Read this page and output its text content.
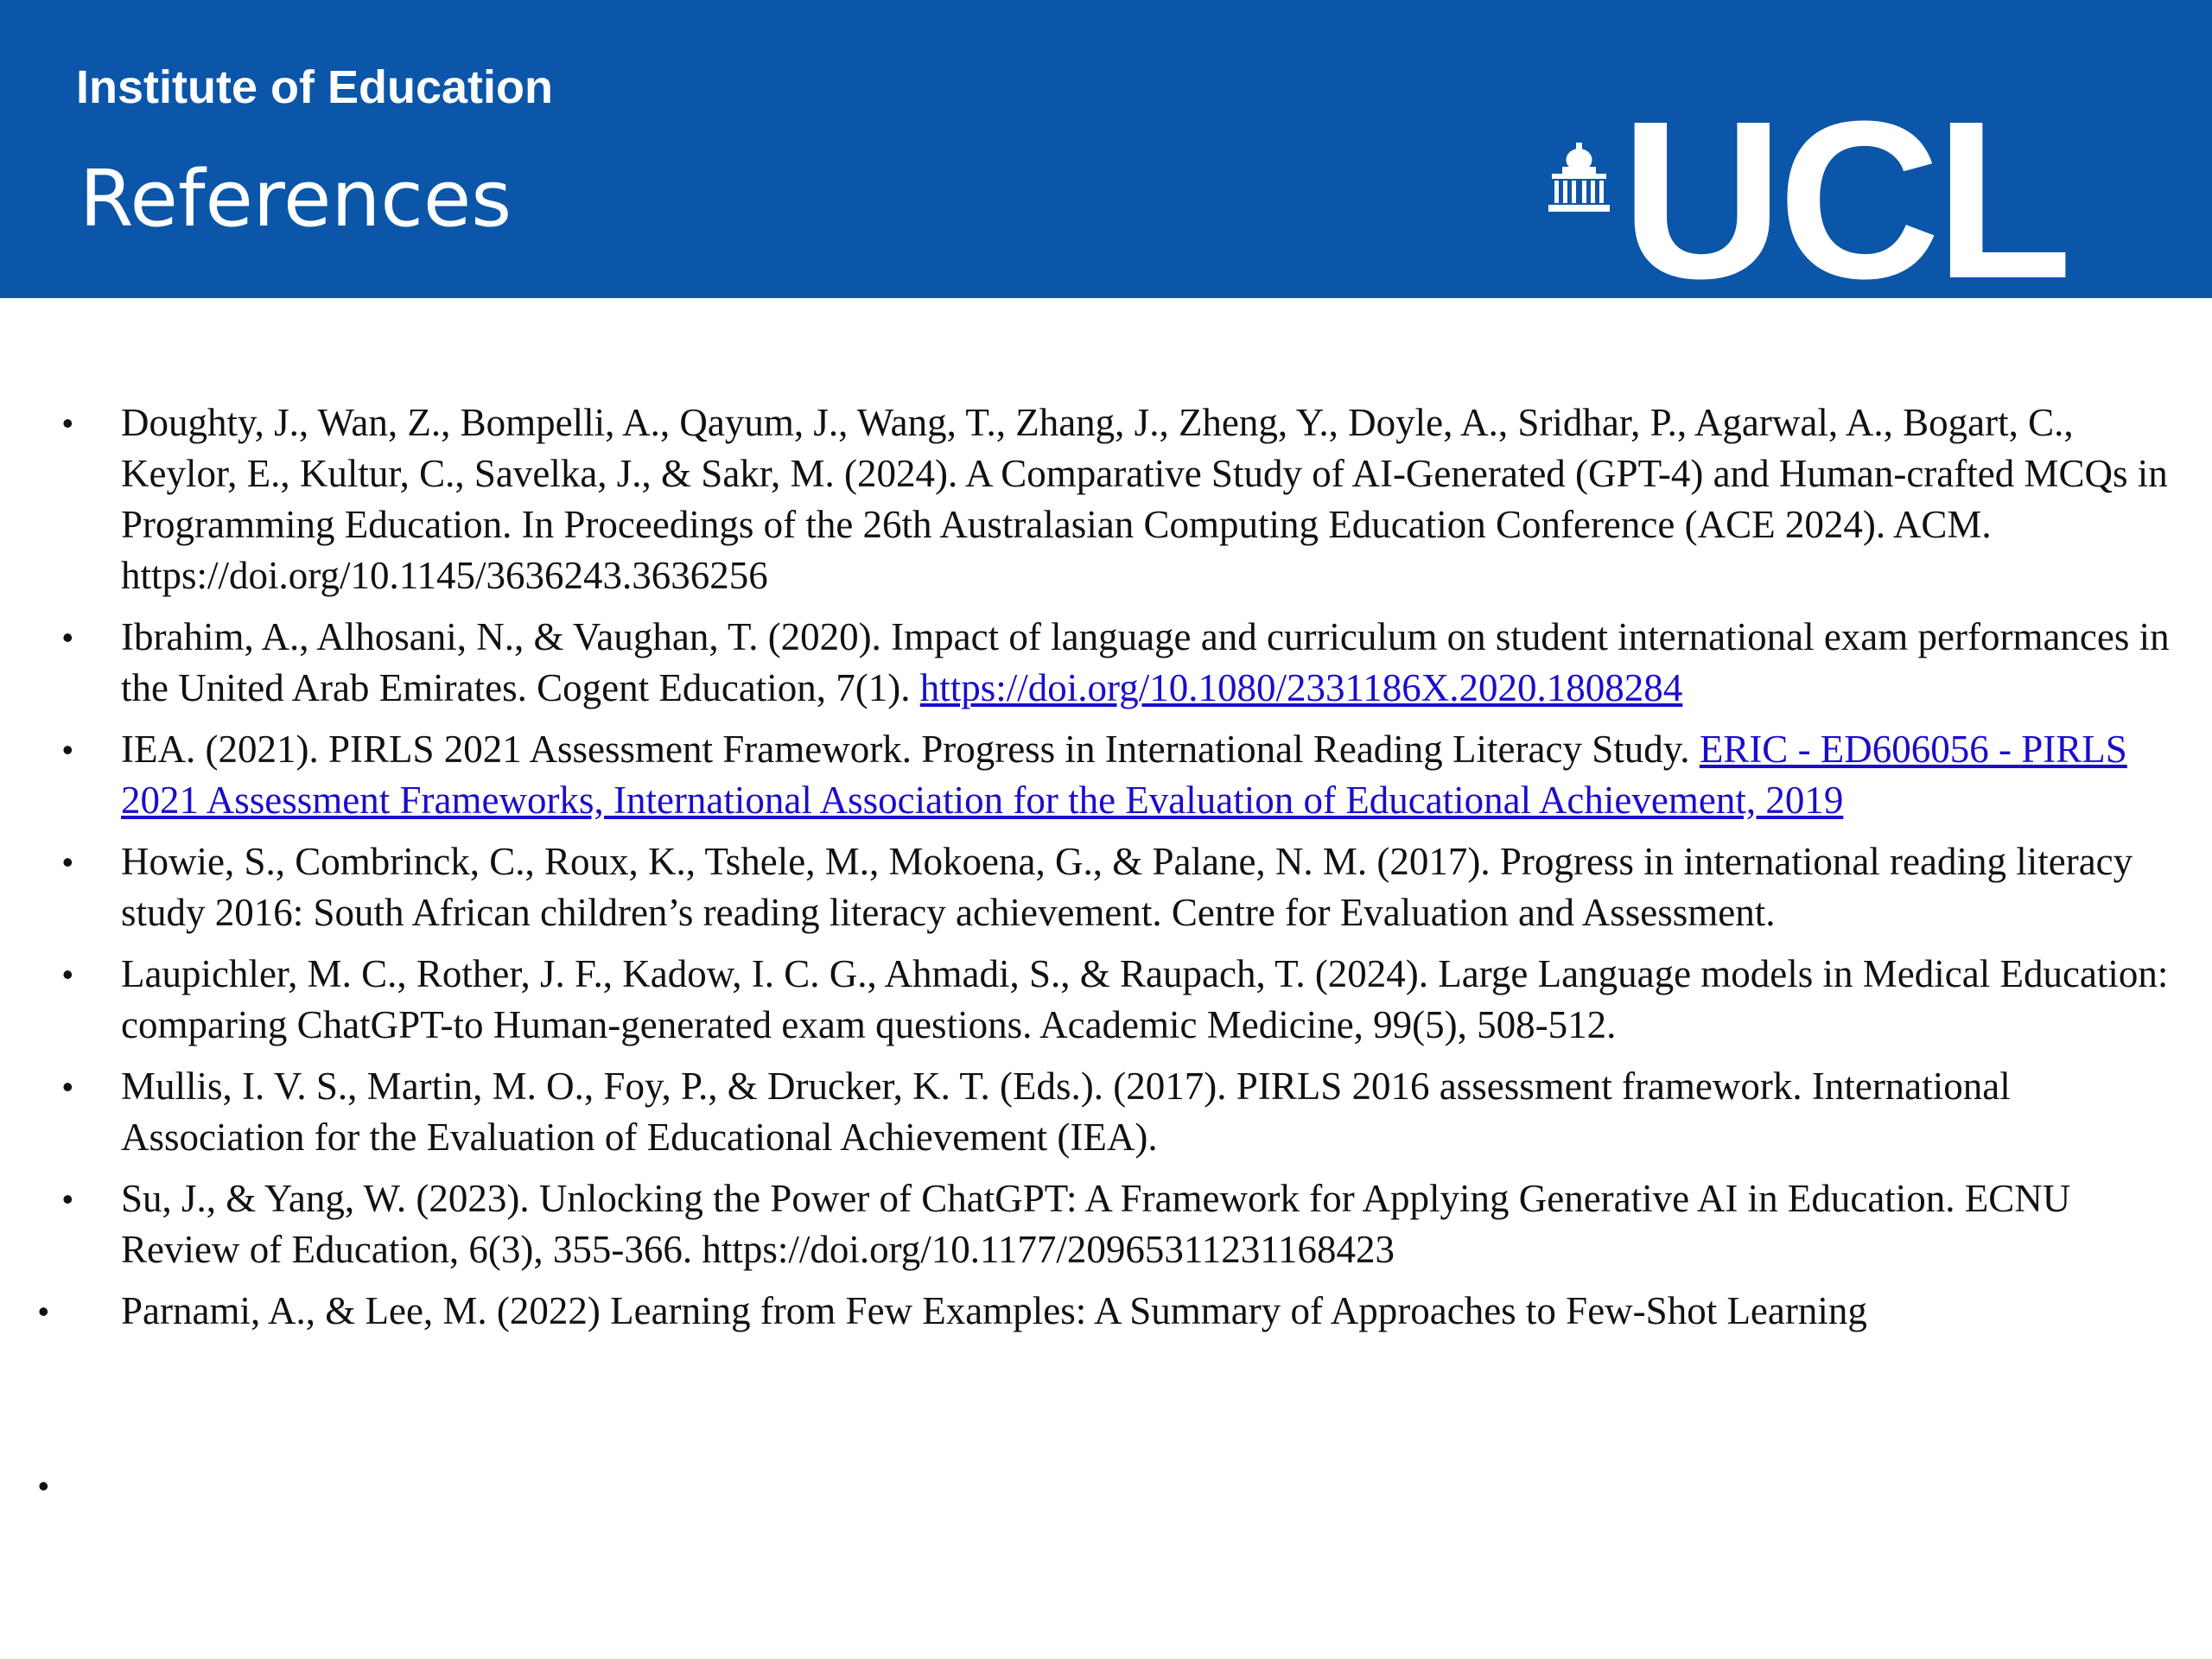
Institute of Education
References	UCL
• Doughty, J., Wan, Z., Bompelli, A., Qayum, J., Wang, T., Zhang, J., Zheng, Y., Doyle, A., Sridhar, P., Agarwal, A., Bogart, C., Keylor, E., Kultur, C., Savelka, J., & Sakr, M. (2024). A Comparative Study of AI-Generated (GPT-4) and Human-crafted MCQs in Programming Education. In Proceedings of the 26th Australasian Computing Education Conference (ACE 2024). ACM. https://doi.org/10.1145/3636243.3636256
• Ibrahim, A., Alhosani, N., & Vaughan, T. (2020). Impact of language and curriculum on student international exam performances in the United Arab Emirates. Cogent Education, 7(1). https://doi.org/10.1080/2331186X.2020.1808284
• IEA. (2021). PIRLS 2021 Assessment Framework. Progress in International Reading Literacy Study. ERIC - ED606056 - PIRLS 2021 Assessment Frameworks, International Association for the Evaluation of Educational Achievement, 2019
• Howie, S., Combrinck, C., Roux, K., Tshele, M., Mokoena, G., & Palane, N. M. (2017). Progress in international reading literacy study 2016: South African children’s reading literacy achievement. Centre for Evaluation and Assessment.
• Laupichler, M. C., Rother, J. F., Kadow, I. C. G., Ahmadi, S., & Raupach, T. (2024). Large Language models in Medical Education: comparing ChatGPT-to Human-generated exam questions. Academic Medicine, 99(5), 508-512.
• Mullis, I. V. S., Martin, M. O., Foy, P., & Drucker, K. T. (Eds.). (2017). PIRLS 2016 assessment framework. International Association for the Evaluation of Educational Achievement (IEA).
• Su, J., & Yang, W. (2023). Unlocking the Power of ChatGPT: A Framework for Applying Generative AI in Education. ECNU Review of Education, 6(3), 355-366. https://doi.org/10.1177/20965311231168423
• Parnami, A., & Lee, M. (2022) Learning from Few Examples: A Summary of Approaches to Few-Shot Learning
•
